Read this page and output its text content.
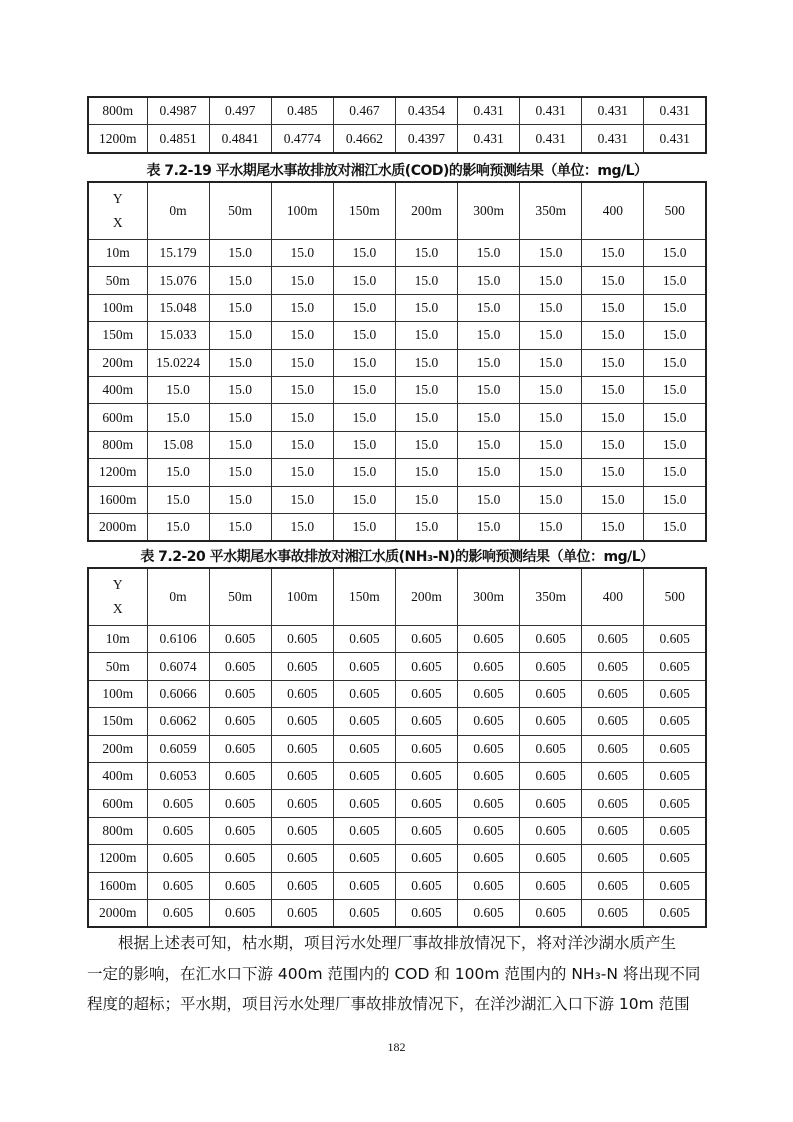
800m	0.4987	0.497	0.485	0.467	0.4354	0.431	0.431	0.431	0.431
1200m	0.4851	0.4841	0.4774	0.4662	0.4397	0.431	0.431	0.431	0.431
表 7.2-19 平水期尾水事故排放对湘江水质(COD)的影响预测结果（单位：mg/L）
Y
X	0m	50m	100m	150m	200m	300m	350m	400	500
10m	15.179	15.0	15.0	15.0	15.0	15.0	15.0	15.0	15.0
50m	15.076	15.0	15.0	15.0	15.0	15.0	15.0	15.0	15.0
100m	15.048	15.0	15.0	15.0	15.0	15.0	15.0	15.0	15.0
150m	15.033	15.0	15.0	15.0	15.0	15.0	15.0	15.0	15.0
200m	15.0224	15.0	15.0	15.0	15.0	15.0	15.0	15.0	15.0
400m	15.0	15.0	15.0	15.0	15.0	15.0	15.0	15.0	15.0
600m	15.0	15.0	15.0	15.0	15.0	15.0	15.0	15.0	15.0
800m	15.08	15.0	15.0	15.0	15.0	15.0	15.0	15.0	15.0
1200m	15.0	15.0	15.0	15.0	15.0	15.0	15.0	15.0	15.0
1600m	15.0	15.0	15.0	15.0	15.0	15.0	15.0	15.0	15.0
2000m	15.0	15.0	15.0	15.0	15.0	15.0	15.0	15.0	15.0
表 7.2-20 平水期尾水事故排放对湘江水质(NH₃-N)的影响预测结果（单位：mg/L）
Y
X	0m	50m	100m	150m	200m	300m	350m	400	500
10m	0.6106	0.605	0.605	0.605	0.605	0.605	0.605	0.605	0.605
50m	0.6074	0.605	0.605	0.605	0.605	0.605	0.605	0.605	0.605
100m	0.6066	0.605	0.605	0.605	0.605	0.605	0.605	0.605	0.605
150m	0.6062	0.605	0.605	0.605	0.605	0.605	0.605	0.605	0.605
200m	0.6059	0.605	0.605	0.605	0.605	0.605	0.605	0.605	0.605
400m	0.6053	0.605	0.605	0.605	0.605	0.605	0.605	0.605	0.605
600m	0.605	0.605	0.605	0.605	0.605	0.605	0.605	0.605	0.605
800m	0.605	0.605	0.605	0.605	0.605	0.605	0.605	0.605	0.605
1200m	0.605	0.605	0.605	0.605	0.605	0.605	0.605	0.605	0.605
1600m	0.605	0.605	0.605	0.605	0.605	0.605	0.605	0.605	0.605
2000m	0.605	0.605	0.605	0.605	0.605	0.605	0.605	0.605	0.605
根据上述表可知，枯水期，项目污水处理厂事故排放情况下，将对洋沙湖水质产生
一定的影响，在汇水口下游 400m 范围内的 COD 和 100m 范围内的 NH₃-N 将出现不同
程度的超标；平水期，项目污水处理厂事故排放情况下，在洋沙湖汇入口下游 10m 范围
182
